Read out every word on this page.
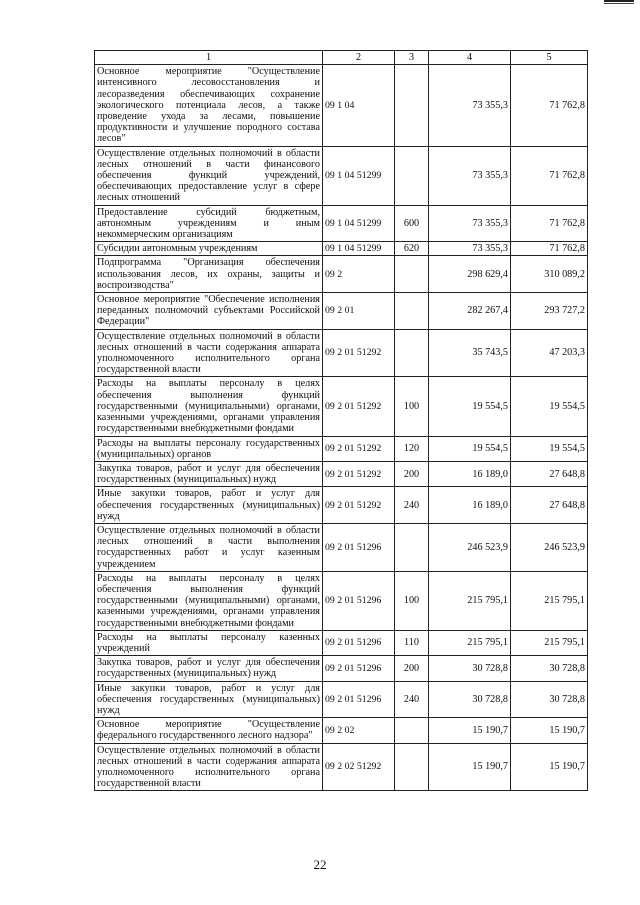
1	2	3	4	5
Основное мероприятие "Осуществление интенсивного лесовосстановления и лесоразведения обеспечивающих сохранение экологического потенциала лесов, а также проведение ухода за лесами, повышение продуктивности и улучшение породного состава лесов"	09 1 04		73 355,3	71 762,8
Осуществление отдельных полномочий в области лесных отношений в части финансового обеспечения функций учреждений, обеспечивающих предоставление услуг в сфере лесных отношений	09 1 04 51299		73 355,3	71 762,8
Предоставление субсидий бюджетным, автономным учреждениям и иным некоммерческим организациям	09 1 04 51299	600	73 355,3	71 762,8
Субсидии автономным учреждениям	09 1 04 51299	620	73 355,3	71 762,8
Подпрограмма "Организация обеспечения использования лесов, их охраны, защиты и воспроизводства"	09 2		298 629,4	310 089,2
Основное мероприятие "Обеспечение исполнения переданных полномочий субъектами Российской Федерации"	09 2 01		282 267,4	293 727,2
Осуществление отдельных полномочий в области лесных отношений в части содержания аппарата уполномоченного исполнительного органа государственной власти	09 2 01 51292		35 743,5	47 203,3
Расходы на выплаты персоналу в целях обеспечения выполнения функций государственными (муниципальными) органами, казенными учреждениями, органами управления государственными внебюджетными фондами	09 2 01 51292	100	19 554,5	19 554,5
Расходы на выплаты персоналу государственных (муниципальных) органов	09 2 01 51292	120	19 554,5	19 554,5
Закупка товаров, работ и услуг для обеспечения государственных (муниципальных) нужд	09 2 01 51292	200	16 189,0	27 648,8
Иные закупки товаров, работ и услуг для обеспечения государственных (муниципальных) нужд	09 2 01 51292	240	16 189,0	27 648,8
Осуществление отдельных полномочий в области лесных отношений в части выполнения государственных работ и услуг казенным учреждением	09 2 01 51296		246 523,9	246 523,9
Расходы на выплаты персоналу в целях обеспечения выполнения функций государственными (муниципальными) органами, казенными учреждениями, органами управления государственными внебюджетными фондами	09 2 01 51296	100	215 795,1	215 795,1
Расходы на выплаты персоналу казенных учреждений	09 2 01 51296	110	215 795,1	215 795,1
Закупка товаров, работ и услуг для обеспечения государственных (муниципальных) нужд	09 2 01 51296	200	30 728,8	30 728,8
Иные закупки товаров, работ и услуг для обеспечения государственных (муниципальных) нужд	09 2 01 51296	240	30 728,8	30 728,8
Основное мероприятие "Осуществление федерального государственного лесного надзора"	09 2 02		15 190,7	15 190,7
Осуществление отдельных полномочий в области лесных отношений в части содержания аппарата уполномоченного исполнительного органа государственной власти	09 2 02 51292		15 190,7	15 190,7
22
